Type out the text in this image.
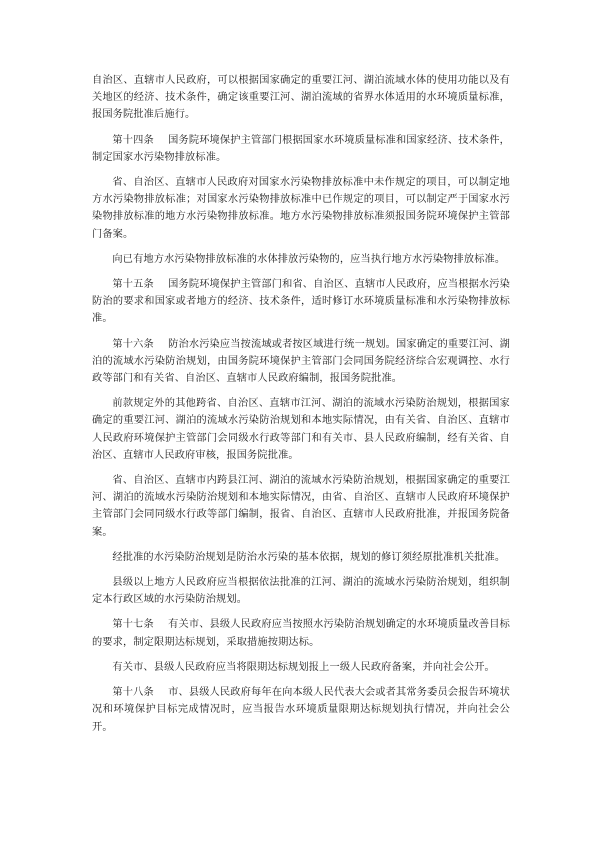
自治区、直辖市人民政府，可以根据国家确定的重要江河、湖泊流域水体的使用功能以及有关地区的经济、技术条件，确定该重要江河、湖泊流域的省界水体适用的水环境质量标准，报国务院批准后施行。

第十四条 国务院环境保护主管部门根据国家水环境质量标准和国家经济、技术条件，制定国家水污染物排放标准。

省、自治区、直辖市人民政府对国家水污染物排放标准中未作规定的项目，可以制定地方水污染物排放标准；对国家水污染物排放标准中已作规定的项目，可以制定严于国家水污染物排放标准的地方水污染物排放标准。地方水污染物排放标准须报国务院环境保护主管部门备案。

向已有地方水污染物排放标准的水体排放污染物的，应当执行地方水污染物排放标准。

第十五条 国务院环境保护主管部门和省、自治区、直辖市人民政府，应当根据水污染防治的要求和国家或者地方的经济、技术条件，适时修订水环境质量标准和水污染物排放标准。

第十六条 防治水污染应当按流域或者按区域进行统一规划。国家确定的重要江河、湖泊的流域水污染防治规划，由国务院环境保护主管部门会同国务院经济综合宏观调控、水行政等部门和有关省、自治区、直辖市人民政府编制，报国务院批准。

前款规定外的其他跨省、自治区、直辖市江河、湖泊的流域水污染防治规划，根据国家确定的重要江河、湖泊的流域水污染防治规划和本地实际情况，由有关省、自治区、直辖市人民政府环境保护主管部门会同级水行政等部门和有关市、县人民政府编制，经有关省、自治区、直辖市人民政府审核，报国务院批准。

省、自治区、直辖市内跨县江河、湖泊的流域水污染防治规划，根据国家确定的重要江河、湖泊的流域水污染防治规划和本地实际情况，由省、自治区、直辖市人民政府环境保护主管部门会同同级水行政等部门编制，报省、自治区、直辖市人民政府批准，并报国务院备案。

经批准的水污染防治规划是防治水污染的基本依据，规划的修订须经原批准机关批准。

县级以上地方人民政府应当根据依法批准的江河、湖泊的流域水污染防治规划，组织制定本行政区域的水污染防治规划。

第十七条 有关市、县级人民政府应当按照水污染防治规划确定的水环境质量改善目标的要求，制定限期达标规划，采取措施按期达标。

有关市、县级人民政府应当将限期达标规划报上一级人民政府备案，并向社会公开。

第十八条 市、县级人民政府每年在向本级人民代表大会或者其常务委员会报告环境状况和环境保护目标完成情况时，应当报告水环境质量限期达标规划执行情况，并向社会公开。
